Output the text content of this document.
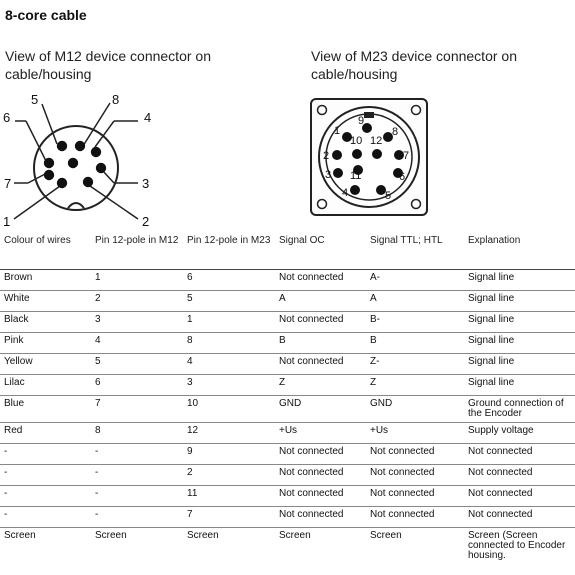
8-core cable
View of M12 device connector on cable/housing
View of M23 device connector on cable/housing
5	8
4
6
3
7
1	2
1
2
3
4	5
6
7
8
9
10
11
12
Colour of wires	Pin 12-pole in M12	Pin 12-pole in M23	Signal OC	Signal TTL; HTL	Explanation
Brown	1	6	Not connected	A-	Signal line
White	2	5	A	A	Signal line
Black	3	1	Not connected	B-	Signal line
Pink	4	8	B	B	Signal line
Yellow	5	4	Not connected	Z-	Signal line
Lilac	6	3	Z	Z	Signal line
Blue	7	10	GND	GND	Ground connection of the Encoder
Red	8	12	+Us	+Us	Supply voltage
-	-	9	Not connected	Not connected	Not connected
-	-	2	Not connected	Not connected	Not connected
-	-	11	Not connected	Not connected	Not connected
-	-	7	Not connected	Not connected	Not connected
Screen	Screen	Screen	Screen	Screen	Screen (Screen connected to Encoder housing.
